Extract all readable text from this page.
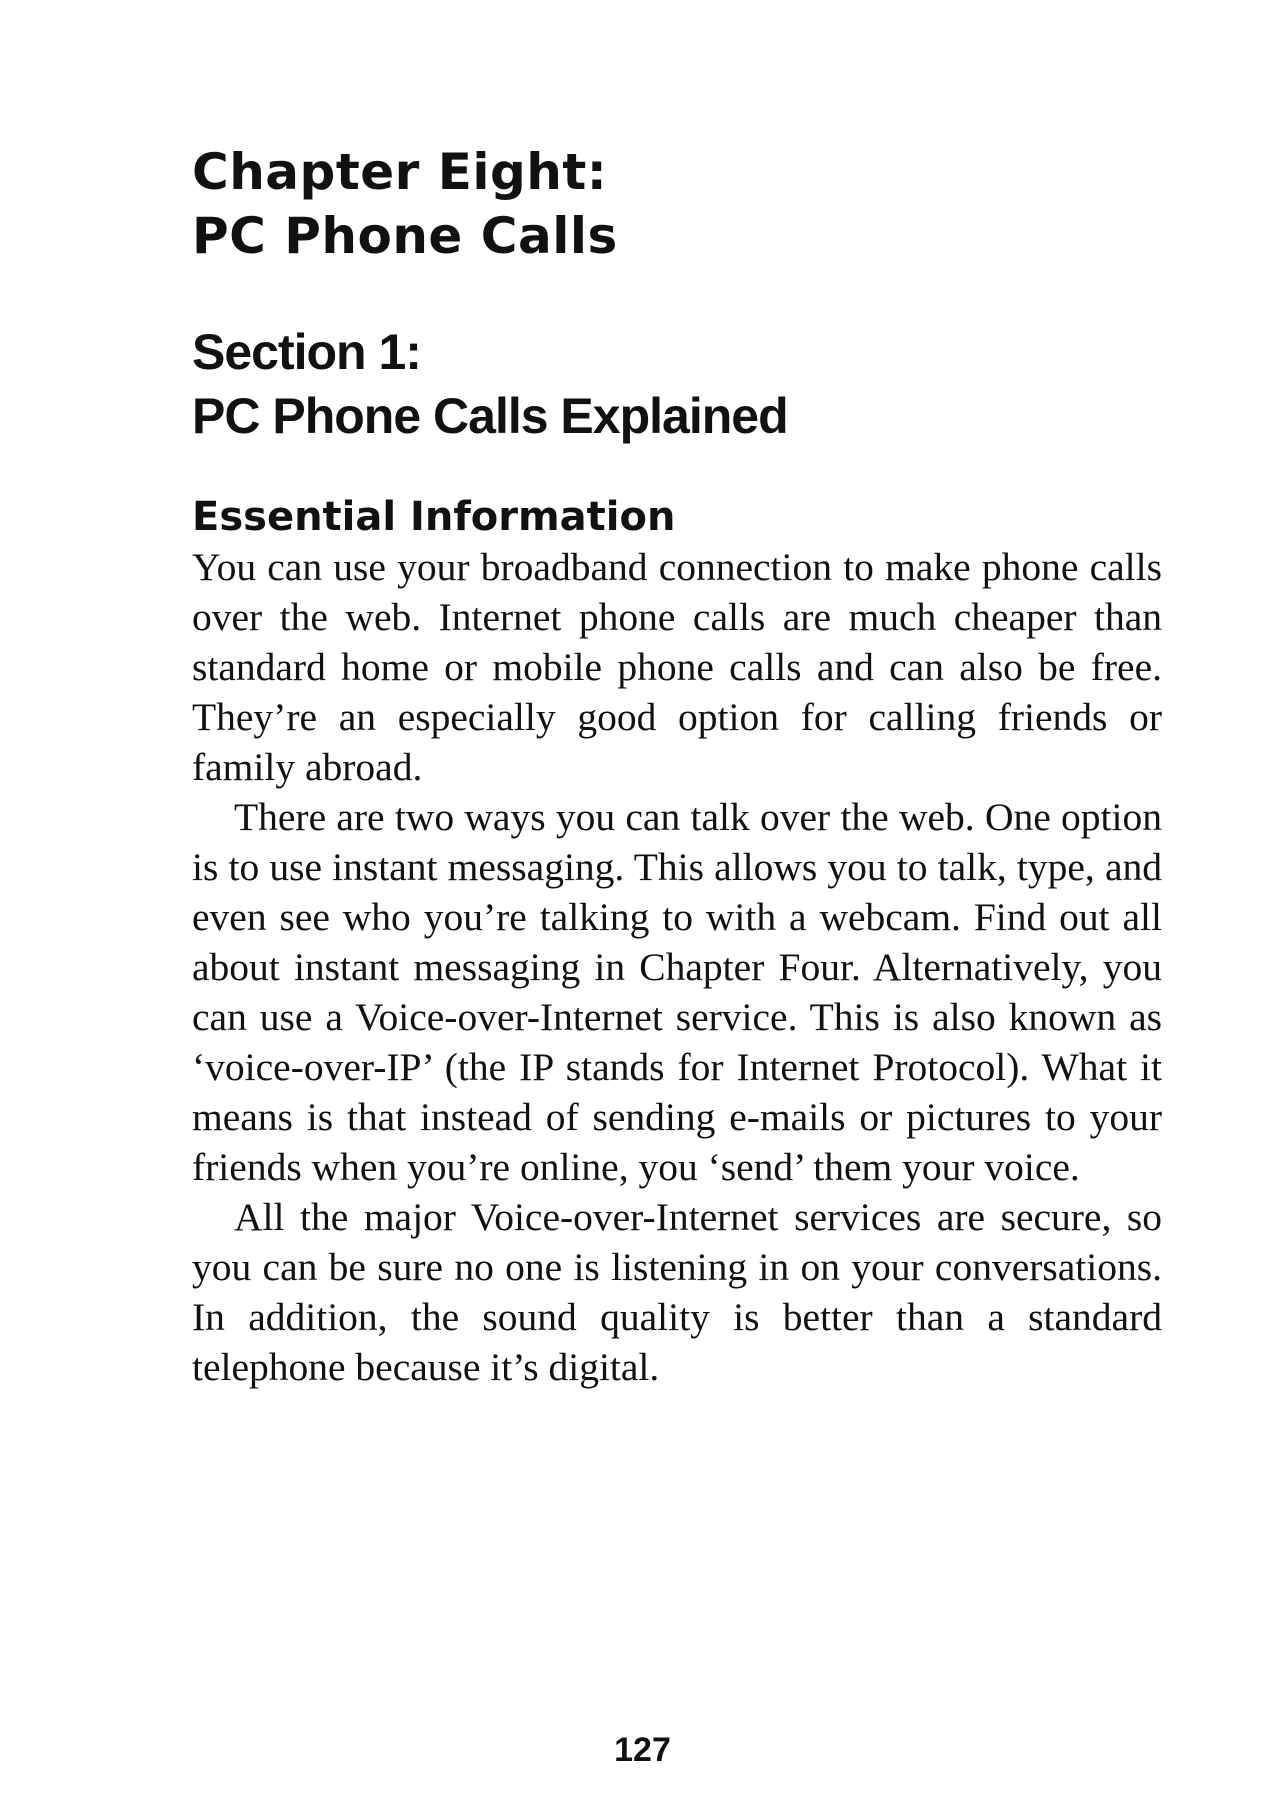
Chapter Eight:
PC Phone Calls
Section 1:
PC Phone Calls Explained
Essential Information

You can use your broadband connection to make phone calls over the web. Internet phone calls are much cheaper than standard home or mobile phone calls and can also be free. They’re an especially good option for calling friends or family abroad.

There are two ways you can talk over the web. One option is to use instant messaging. This allows you to talk, type, and even see who you’re talking to with a webcam. Find out all about instant messaging in Chapter Four. Alternatively, you can use a Voice-over-Internet service. This is also known as ‘voice-over-IP’ (the IP stands for Internet Protocol). What it means is that instead of sending e-mails or pictures to your friends when you’re online, you ‘send’ them your voice.

All the major Voice-over-Internet services are secure, so you can be sure no one is listening in on your conversations. In addition, the sound quality is better than a standard telephone because it’s digital.

127
